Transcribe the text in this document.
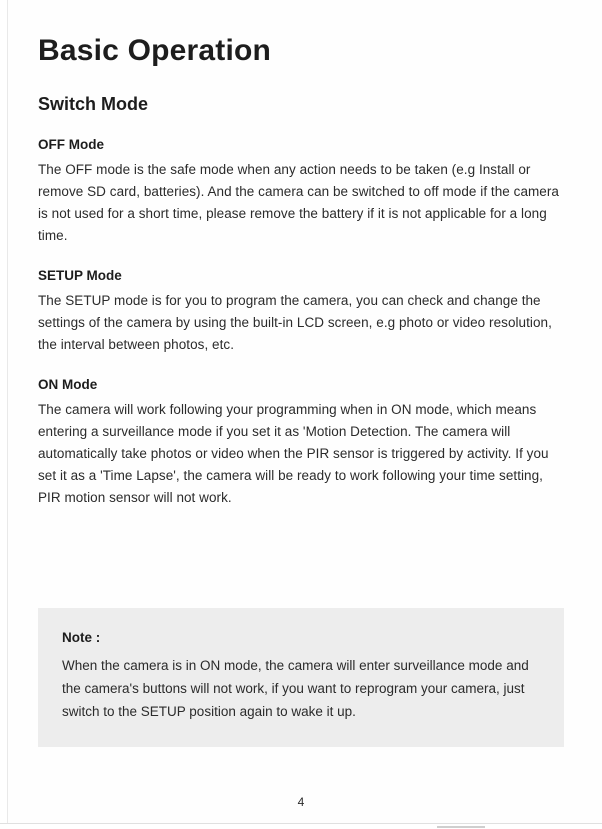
Basic Operation
Switch Mode
OFF Mode

The OFF mode is the safe mode when any action needs to be taken (e.g Install or remove SD card, batteries). And the camera can be switched to off mode if the camera is not used for a short time, please remove the battery if it is not applicable for a long time.

SETUP Mode

The SETUP mode is for you to program the camera, you can check and change the settings of the camera by using the built-in LCD screen, e.g photo or video resolution, the interval between photos, etc.

ON Mode

The camera will work following your programming when in ON mode, which means entering a surveillance mode if you set it as 'Motion Detection. The camera will automatically take photos or video when the PIR sensor is triggered by activity. If you set it as a 'Time Lapse', the camera will be ready to work following your time setting, PIR motion sensor will not work.

Note :

When the camera is in ON mode, the camera will enter surveillance mode and the camera's buttons will not work, if you want to reprogram your camera, just switch to the SETUP position again to wake it up.

4
